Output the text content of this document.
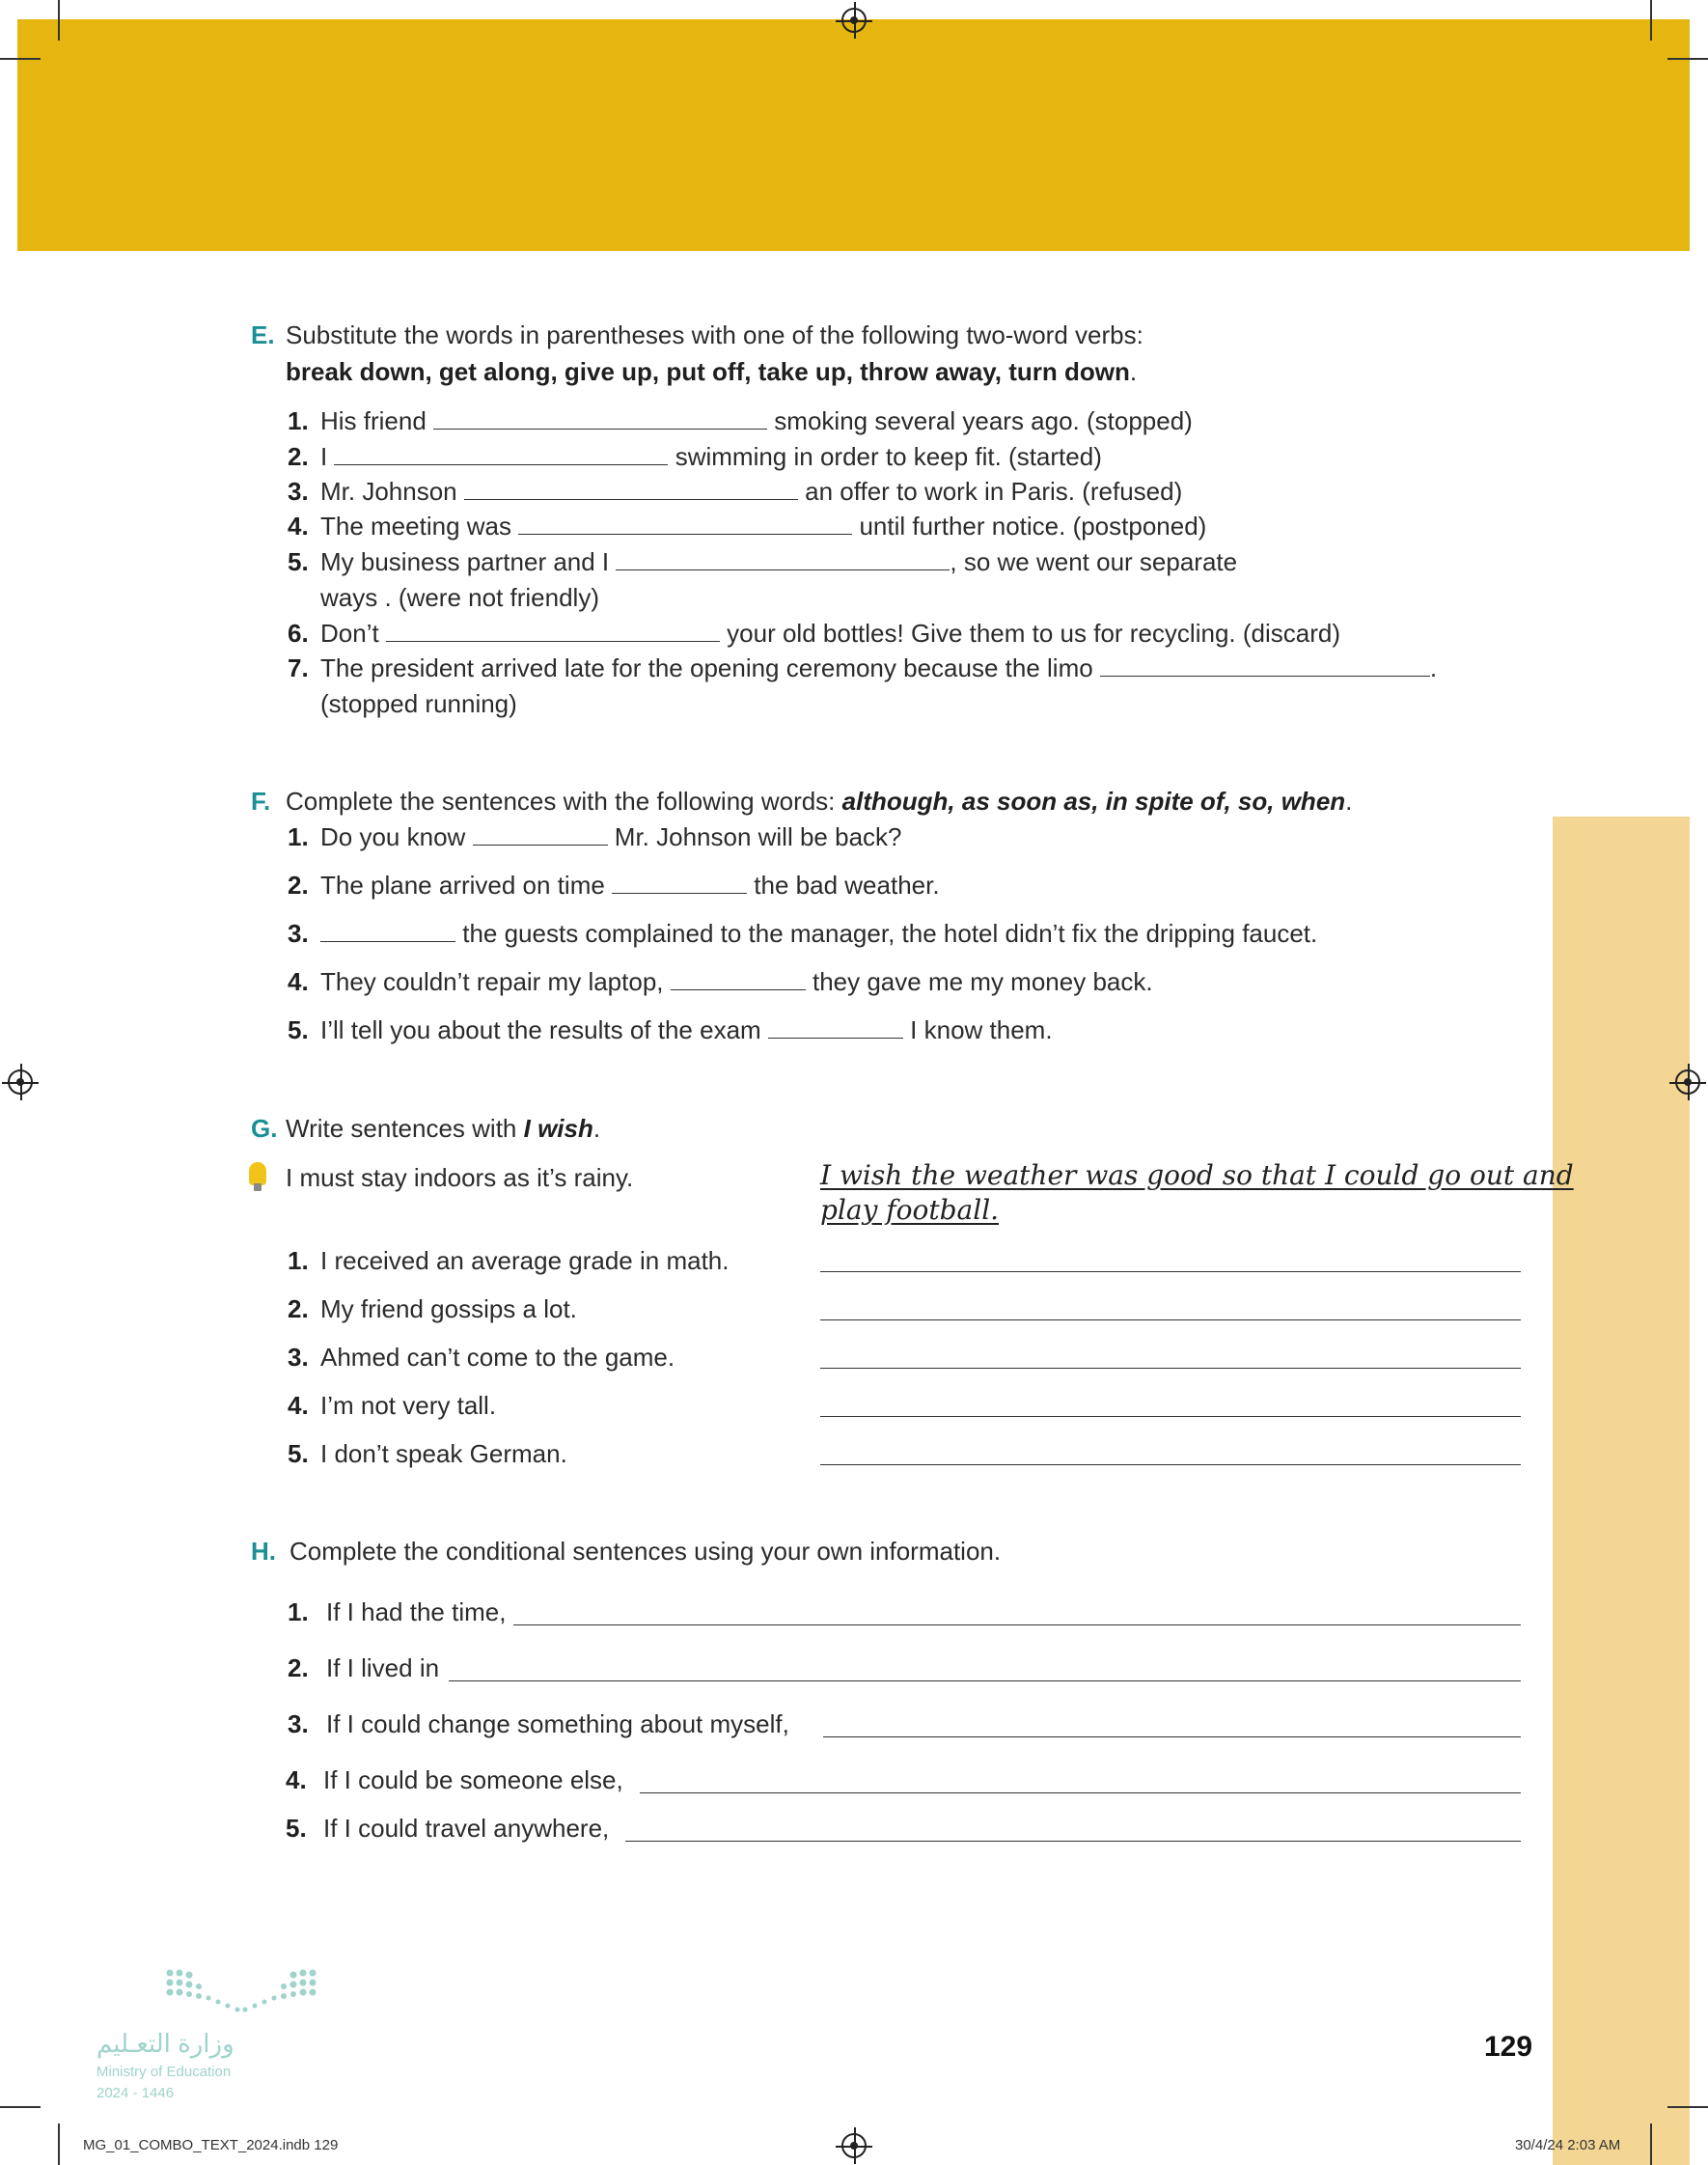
E. Substitute the words in parentheses with one of the following two-word verbs:
break down, get along, give up, put off, take up, throw away, turn down.
1. His friend	smoking several years ago. (stopped)
2. I	swimming in order to keep fit. (started)
3. Mr. Johnson	an offer to work in Paris. (refused)
4. The meeting was	until further notice. (postponed)
5. My business partner and I	, so we went our separate
ways . (were not friendly)
6. Don’t	your old bottles! Give them to us for recycling. (discard)
7. The president arrived late for the opening ceremony because the limo	.
(stopped running)
F. Complete the sentences with the following words: although, as soon as, in spite of, so, when.
1. Do you know	Mr. Johnson will be back?
2. The plane arrived on time	the bad weather.
3.	the guests complained to the manager, the hotel didn’t fix the dripping faucet.
4. They couldn’t repair my laptop,	they gave me my money back.
5. I’ll tell you about the results of the exam	I know them.
G. Write sentences with I wish.
I must stay indoors as it’s rainy.	I wish the weather was good so that I could go out and
play football.
1. I received an average grade in math.
2. My friend gossips a lot.
3. Ahmed can’t come to the game.
4. I’m not very tall.
5. I don’t speak German.
H. Complete the conditional sentences using your own information.
1. If I had the time,
2. If I lived in
3. If I could change something about myself,
4. If I could be someone else,
5. If I could travel anywhere,
وزارة التعـليم
Ministry of Education
2024 - 1446
129
MG_01_COMBO_TEXT_2024.indb 129	30/4/24 2:03 AM
